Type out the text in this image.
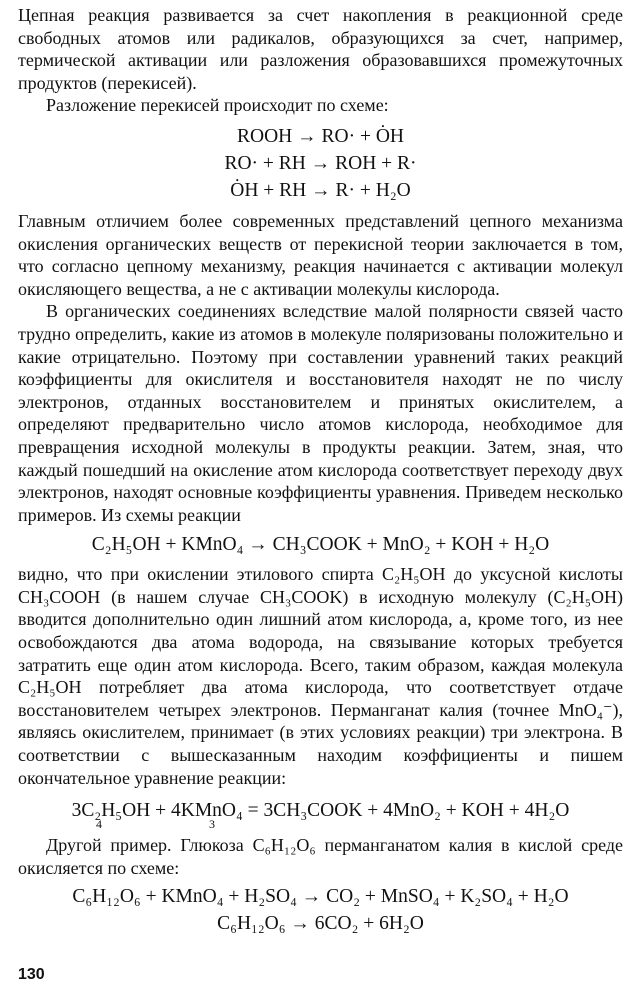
Цепная реакция развивается за счет накопления в реакционной среде свободных атомов или радикалов, образующихся за счет, например, термической активации или разложения образовавшихся промежуточных продуктов (перекисей).

Разложение перекисей происходит по схеме:

ROOH → RO· + ȮH
RO· + RH → ROH + R·
ȮH + RH → R· + H₂O

Главным отличием более современных представлений цепного механизма окисления органических веществ от перекисной теории заключается в том, что согласно цепному механизму, реакция начинается с активации молекул окисляющего вещества, а не с активации молекулы кислорода.

В органических соединениях вследствие малой полярности связей часто трудно определить, какие из атомов в молекуле поляризованы положительно и какие отрицательно. Поэтому при составлении уравнений таких реакций коэффициенты для окислителя и восстановителя находят не по числу электронов, отданных восстановителем и принятых окислителем, а определяют предварительно число атомов кислорода, необходимое для превращения исходной молекулы в продукты реакции. Затем, зная, что каждый пошедший на окисление атом кислорода соответствует переходу двух электронов, находят основные коэффициенты уравнения. Приведем несколько примеров. Из схемы реакции

C₂H₅OH + KMnO₄ → CH₃COOK + MnO₂ + KOH + H₂O

видно, что при окислении этилового спирта C₂H₅OH до уксусной кислоты CH₃COOH (в нашем случае CH₃COOK) в исходную молекулу (C₂H₅OH) вводится дополнительно один лишний атом кислорода, а, кроме того, из нее освобождаются два атома водорода, на связывание которых требуется затратить еще один атом кислорода. Всего, таким образом, каждая молекула C₂H₅OH потребляет два атома кислорода, что соответствует отдаче восстановителем четырех электронов. Перманганат калия (точнее MnO₄⁻), являясь окислителем, принимает (в этих условиях реакции) три электрона. В соответствии с вышесказанным находим коэффициенты и пишем окончательное уравнение реакции:

3C₂H₅OH + 4KMnO₄ = 3CH₃COOK + 4MnO₂ + KOH + 4H₂O
4	3

Другой пример. Глюкоза C₆H₁₂O₆ перманганатом калия в кислой среде окисляется по схеме:

C₆H₁₂O₆ + KMnO₄ + H₂SO₄ → CO₂ + MnSO₄ + K₂SO₄ + H₂O
C₆H₁₂O₆ → 6CO₂ + 6H₂O
130
